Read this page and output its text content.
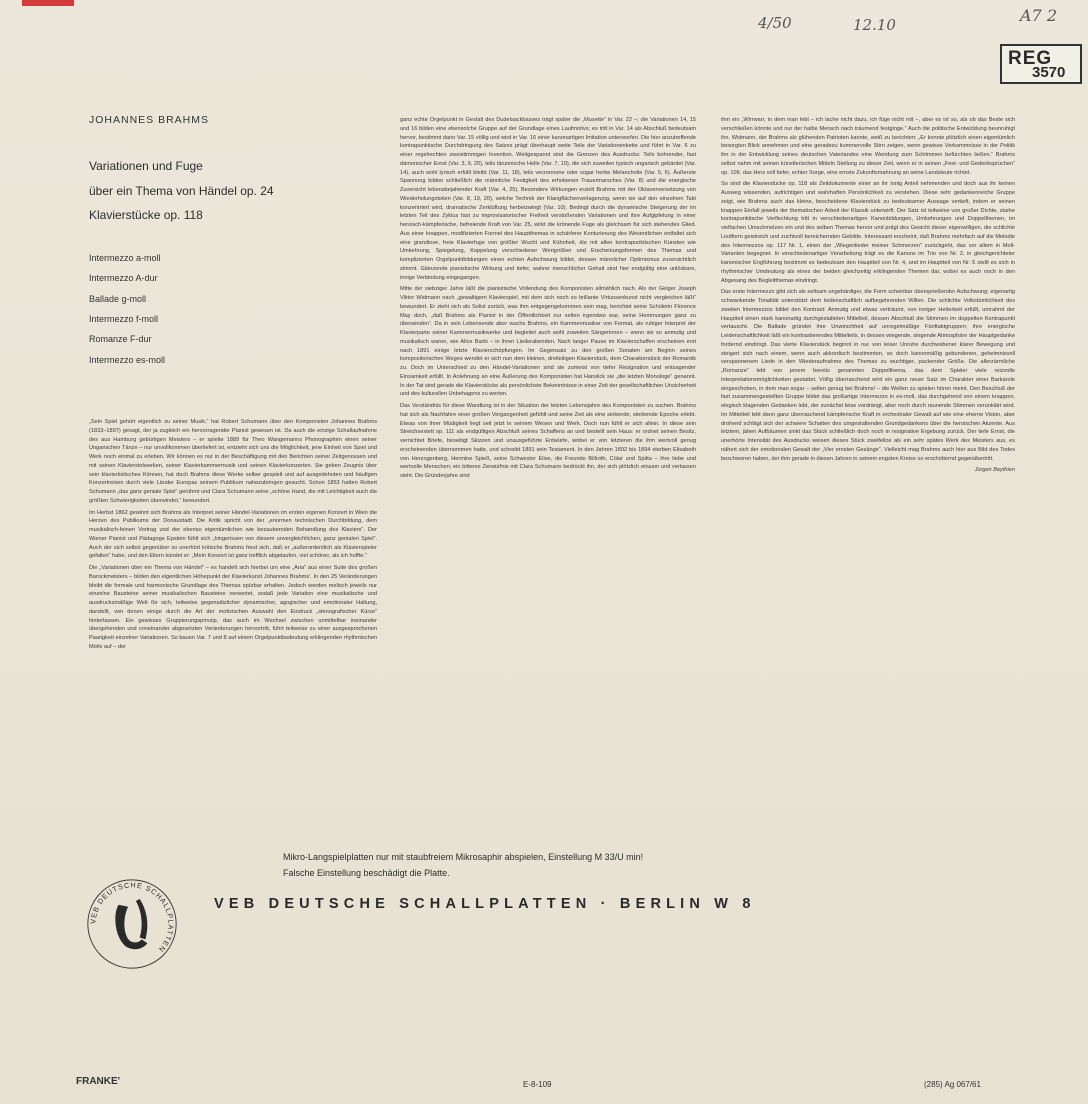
4/50	12.10	A7 2
REG
3570
JOHANNES BRAHMS
Variationen und Fuge
über ein Thema von Händel op. 24
Klavierstücke op. 118
Intermezzo a-moll
Intermezzo A-dur
Ballade g-moll
Intermezzo f-moll
Romanze F-dur
Intermezzo es-moll

„Sein Spiel gehört eigentlich zu seiner Musik,“ hat Robert Schumann über den Komponisten Johannes Brahms (1833–1897) gesagt, der ja zugleich ein hervorragender Pianist gewesen ist. Da auch die einzige Schallaufnahme des aus Hamburg gebürtigen Meisters – er spielte 1889 für Theo Wangemanns Phonographen einen seiner Ungarischen Tänze – nur unvollkommen überliefert ist, entzieht sich uns die Möglichkeit, jene Einheit von Spiel und Werk noch einmal zu erleben. Wir können es nur in der Beschäftigung mit den Berichten seiner Zeitgenossen und mit seinen Klavierstolwerken, seiner Klavierkammermusik und seinen Klavierkonzerten. Sie geben Zeugnis über sein klaviertistisches Können, hat doch Brahms diese Werke selber gespielt und auf ausgedehnten und häufigen Konzertreisen durch viele Länder Europas seinem Publikum nahezubringen gesucht. Schon 1853 hatten Robert Schumann „das ganz geniale Spiel“ gerühmt und Clara Schumann seine „schöne Hand, die mit Leichtigkeit auch die größten Schwierigkeiten überwindet,“ bewundert.

Im Herbst 1862 gewinnt sich Brahms als Interpret seiner Händel-Variationen im ersten eigenen Konzert in Wien die Herzen des Publikums der Donaustadt. Die Kritik spricht von der „enormen technischen Durchbildung, dem musikalisch-feinen Vortrag und der ebenso eigentümlichen wie bezaubernden Behandlung des Klaviers“. Der Wiener Pianist und Pädagoge Epstein fühlt sich „hingerissen von diesem unvergleichlichen, ganz genialen Spiel“. Auch der sich selbst gegenüber so unerhört kritische Brahms freut sich, daß er „außerordentlich als Klavierspieler gefallen“ habe, und den Eltern kündet er: „Mein Konzert ist ganz trefflich abgelaufen, viel schöner, als ich hoffte.“

Die „Variationen über ein Thema von Händel“ – es handelt sich hierbei um eine „Aria“ aus einer Suite des großen Barockmeisters – bilden den eigentlichen Höhepunkt der Klavierkunst Johannes Brahms'. In den 25 Veränderungen bleibt die formale und harmonische Grundlage des Themas spürbar erhalten. Jedoch werden melisch jeweils nur einzelne Bausteine seiner musikalischen Bausteine verwertet, sodaß jede Variation eine musikalische und ausdrucksmäßige Welt für sich, teilweise gegensätzlicher dynamischer, agogischer und emotionaler Haltung, darstellt, von denen einige durch die Art der motivischen Auswahl den Eindruck „stenografischer Kürze“ hinterlassen. Ein gewisses Gruppierungsprinzip, das auch im Wechsel zwischen unmittelbar ineinander übergehenden und voneinander abgesetzten Veränderungen hervortritt, führt teilweise zu einer ausgesprochenen Paarigkeit einzelner Variationen. So bauen Var. 7 und 8 auf einem Orgelpunktbedeutung erklingenden rhythmischen Motiv auf – der

ganz echte Orgelpunkt in Gestalt des Dudelsackbasses trägt später die „Musette“ in Var. 22 –; die Variationen 14, 15 und 16 bilden eine ebensolche Gruppe auf der Grundlage eines Laufmotivs; es tritt in Var. 14 als Abschluß bedeutsam hervor, bestimmt dann Var. 15 völlig und wird in Var. 16 einer kanonartigen Imitation unterworfen. Die hier anzutreffende kontrapunktische Durchdringung des Satzes prägt überhaupt weite Teile der Variationenkette und führt in Var. 6 zu einer regelrechten zweistimmigen Invention. Weitgespannt sind die Grenzen des Ausdrucks: Teils bohrender, fast dämonischer Ernst (Var. 3, 9, 20), teils tänzerische Helle (Var. 7, 19), die sich zuweilen typisch ungarisch gebärdet (Var. 14), auch wohl lyrisch erfüllt bleibt (Var. 11, 18), teils verzonnene oder sogar herbe Melancholie (Var. 5, 6). Äußerste Spannung bilden schließlich die männliche Festigkeit des erhobenen Trauermarsches (Var. 8) und die energische Zuversicht lebensbejahender Kraft (Var. 4, 25). Besondere Wirkungen erzielt Brahms mit der Oktaverversetzung von Wiederholungsteilen (Var. 8, 19, 20), welche Technik der Klangflächenverlagerung, wenn sie auf den einzelnen Takt konzentriert wird, dramatische Zerklüftung herbeizwingt (Var. 10). Bedingt durch die dynamische Steigerung der im letzten Teil des Zyklus fast zu improvisatorischer Freiheit verstoßenden Variationen und ihre Aufgipfelung in einer heroisch-kämpferische, befreiende Kraft von Var. 25, wirkt die krönende Fuge als gleichsam für sich stehendes Glied. Aus einer knappen, modifizierten Formel des Hauptthemas in schärferer Konturierung des Wesentlichen entfaltet sich eine grandiose, freie Klavierfuge von größter Wucht und Kühnheit, die mit allen kontrapunktischen Künsten wie Umkehrung, Spiegelung, Koppelung verschiedener Werigrößen und Erscheinungsformen des Themas und komplizierten Orgelpunktbildungen einen echten Aufschwung bildet, dessen männlicher Optimismus zuversichtlich stimmt. Glänzende pianistische Wirkung und tiefer, wahrer menschlicher Gehalt sind hier endgültig eine unlösbare, innige Verbindung eingegangen.

Mitte der siebziger Jahre läßt die pianistische Vollendung des Komponisten allmählich nach. Als der Geiger Joseph Viktor Widmann nach „gewaltigem Klavierspiel, mit dem sich noch so brillante Virtuosenkunst nicht vergleichen läßt“ bewundert. Er zieht sich als Solist zurück, was ihm entgegengekommen sein mag, berichtet seine Schülerin Florence May doch, „daß Brahms als Pianist in der Öffentlichkeit nur selten irgendwo war, seine Hemmungen ganz zu überwinden“. Da in sein Lebensende aber wuchs Brahms, ein Kammermusiker von Format, als ruhiger Interpret der Klavierparte seiner Kammermusikwerke und begleitet auch wohl zuweilen Sängerinnen – wenn sie so anmutig und musikalisch waren, wie Alice Barbi – in ihren Liederabenden. Nach langer Pause im Klavierschaffen erscheinen erst nach 1891 einige letzte Klavierschöpfungen. Im Gegensatz zu den großen Sonaten am Beginn seines kompositorischen Weges wendet er sich nun dem kleinen, dreiteiligen Klavierstück, dem Charakterstück der Romantik zu. Doch im Unterschied zu den Händel-Variationen sind sie zumeist von tiefer Resignation und entsagender Einsamkeit erfüllt. In Anlehnung an eine Äußerung des Komponisten hat Hanslick sie „die letzten Monologe“ genannt. In der Tat sind gerade die Klavierstücke als persönlichste Bekenntnisse in einer Zeit der gesellschaftlichen Unsicherheit und des kulturellen Unbehagens zu werten.

Das Verständnis für diese Wandlung ist in der Situation der letzten Lebensjahre des Komponisten zu suchen. Brahms hat sich als Nachfahre einer großen Vergangenheit gefühlt und seine Zeit als eine sinkende, sterbende Epoche erlebt. Etwas von ihrer Müdigkeit liegt seit jetzt in seinem Wesen und Werk. Doch nun fühlt er sich allein. In diese sein Streichsextett op. 111 als endgültigen Abschluß seines Schaffens an und bestellt sein Haus: er ordnet seinen Besitz, vernichtet Briefe, beseitigt Skizzen und unausgeführte Entwürfe, wobei er von letzteren die ihm wertvoll genug erscheinenden übernommen hatte, und schreibt 1891 sein Testament. In den Jahren 1892 bis 1894 sterben Elisabeth von Herzogenberg, Hermine Spieß, seine Schwester Elise, die Freunde Billroth, Cölar und Spitta – ihre liebe und wertvolle Menschen; ein bitteres Zerwürfnis mit Clara Schumann bedrückt ihn, der sich plötzlich einsam und verlassen sieht. Die Gründerjahre sind

ihm ein „Wirrwarr, in dem man lebt – ich lache nicht dazu, ich füge nicht mit –, aber es ist so, als ob das Beste sich verschließen könnte und nur der halbe Mensch nach träumend festginge.“ Auch die politische Entwicklung beunruhigt ihn. Widmann, der Brahms als glühenden Patrioten kannte, weiß zu berichten: „Er konnte plötzlich einen eigentümlich besorgten Blick annehmen und eine geradezu kummervolle Stirn zeigen, wenn gewisse Verkommnisse in der Politik ihn in der Entwicklung seines deutschen Vaterlandes eine Wendung zum Schlimmen befürchten ließen.“ Brahms selbst nahm mit seinen künstlerischen Mitteln Stellung zu dieser Zeit, wenn er in seinen „Fest- und Gedenksprüchen“ op. 109, das Herz voll tiefer, echter Sorge, eine ernste Zukunftsmahnung an seine Landsleute richtet.

So sind die Klavierstücke op. 118 als Zeitdokumente einer an ihr innig Anteil nehmenden und doch aus ihr keinen Ausweg wissenden, aufrichtigen und wahrhaften Persönlichkeit zu verstehen. Diese sehr gedankenreiche Gruppe zeigt, wie Brahms auch das kleine, bescheidene Klavierstück zu bedeutsamer Aussage vertieft, indem er seinen knappen Einfall jeweils der thematischen Arbeit der Klassik unterwirft. Der Satz ist teilweise von großer Dichte, starke kontrapunktische Verflechtung tritt in verschiedenartigen Kanonbildungen, Umkehrungen und Doppelthemen, im vielfachen Umschmelzen ein und des selben Themas hervor und prägt des Gesicht dieser eigenwilligen, die schlichte Liedform geistreich und zuchtvoll bereichernden Gebilde. Interessant erscheint, daß Brahms mehrfach auf die Melodie des Intermezzos op. 117 Nr. 1, einen der „Wiegenlieder meiner Schmerzen“ zurückgeht, das vor allem in Moll-Varianten begegnet. In verschiedenartiger Verarbeitung trägt es die Kanons im Trio von Nr. 2, in gleichgerichteter kanonischer Engführung bestimmt es bedeutsam den Hauptteil von Nr. 4, und im Hauptteil von Nr. 5 stellt es sich in rhythmischer Umdeutung als eines der beiden gleichzeitig erklingenden Themen dar, wobei es auch noch in den Abgesang des Begleitthemas eindringt.

Das erste Intermezzo gibt sich als seltsam ungebärdiger, die Form scheinbar übersprießender Aufschwung; eigenartig schwankende Tonalität unterstützt dem leidenschaftlich aufbegehrenden Willen. Die schlichte Volkstümlichkeit des zweiten Intermezzos bildet den Kontrast: Anmutig und etwas verträumt, von inniger Heiterkeit erfüllt, umrahmt der Hauptteil einen stark kanonartig durchgestalteten Mittelteil, dessen Abschluß die Stimmen im doppelten Kontrapunkt vertauscht. Die Ballade gründet ihre Unwirschheit auf unregelmäßige Fünftaktgruppen; ihre energische Leidenschaftlichkeit läßt ein kontrastierendes Mittelteils, in dessen wiegende, singende Atmosphäre der Hauptgedanke fordernd eindringt. Das vierte Klavierstück beginnt in nur von leiser Unruhe durchwebener klarer Bewegung und steigert sich nach einem, wenn auch akkordisch bestimmten, so doch kanonmäßig gebundenen, geheimnisvoll verspannenem Liede in den Wiederaufnahme des Themas zu wuchtiger, packender Größe. Die allerzärmliche „Romanze“ lebt von jenem bereits genannten Doppelthema, das dem Spieler viele reizvolle Interpretationsmöglichkeiten gestattet. Völlig überraschend wird ein ganz neuer Satz im Charakter einer Barkarole eingeschoben, in dem man sogar – selten genug bei Brahms! – die Wellen zu spielen hören meint. Den Beschluß der fast zusammengestellten Gruppe bildet das großartige Intermezzo in es-moll, das durchgehend von einem knappen, elegisch klagenden Gedanken lebt, der zunächst leise vordrängt, aber noch durch raunende Stimmen verunklärt wird. Im Mittelteil lebt dann ganz überraschend kämpferische Kraft in orchestraler Gewalt auf wie eine eherne Vision, aber drohend schlägt sich der schwere Schatten des umgestaltenden Grundgedankens über die heroischen Akzente. Aus letztem, jähen Aufbäumen sinkt das Stück schließlich doch noch in resignative Ergebung zurück. Der tiefe Ernst, die unerhörte Intensität des Ausdrucks weisen dieses Stück zweifellos als ein sehr spätes Werk des Meisters aus, es nähert sich der emotionalen Gewalt der „Vier ernsten Gesänge“. Vielleicht mag Brahms auch hier aus Bild des Todes beschworen haben, der ihm gerade in diesen Jahren in seinem engsten Kreise so erschütternd gegenübertritt.

Jürgen Beythien
Mikro-Langspielplatten nur mit staubfreiem Mikrosaphir abspielen, Einstellung M 33/U min!
Falsche Einstellung beschädigt die Platte.
VEB DEUTSCHE SCHALLPLATTEN
VEB DEUTSCHE SCHALLPLATTEN · BERLIN W 8
FRANKE'	E-8-109	(285) Ag 067/61
